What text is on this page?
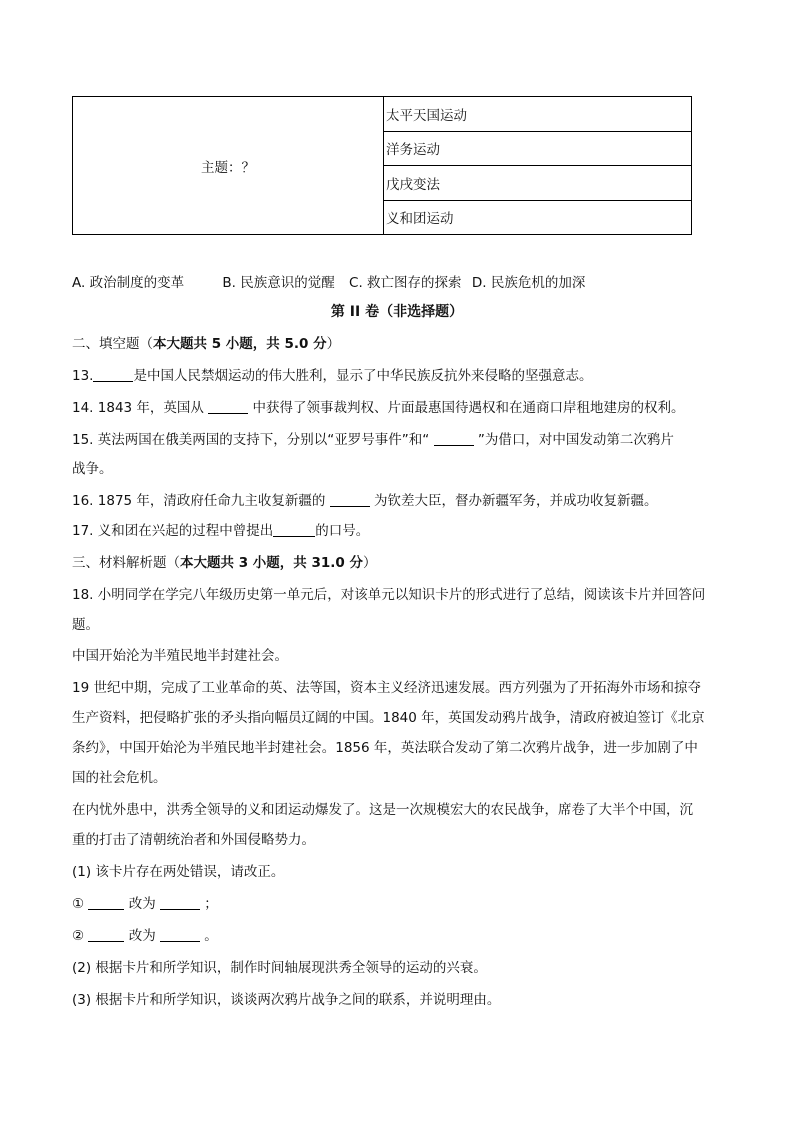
主题：？	太平天国运动
洋务运动
戊戌变法
义和团运动
A. 政治制度的变革	B. 民族意识的觉醒 C. 救亡图存的探索 D. 民族危机的加深
第 II 卷（非选择题）
二、填空题（本大题共 5 小题，共 5.0 分）
13.	是中国人民禁烟运动的伟大胜利，显示了中华民族反抗外来侵略的坚强意志。
14. 1843 年，英国从	中获得了领事裁判权、片面最惠国待遇权和在通商口岸租地建房的权利。
15. 英法两国在俄美两国的支持下，分别以“亚罗号事件”和“	”为借口，对中国发动第二次鸦片
战争。
16. 1875 年，清政府任命九主收复新疆的	为钦差大臣，督办新疆军务，并成功收复新疆。
17. 义和团在兴起的过程中曾提出	的口号。
三、材料解析题（本大题共 3 小题，共 31.0 分）
18. 小明同学在学完八年级历史第一单元后，对该单元以知识卡片的形式进行了总结，阅读该卡片并回答问
题。
中国开始沦为半殖民地半封建社会。
19 世纪中期，完成了工业革命的英、法等国，资本主义经济迅速发展。西方列强为了开拓海外市场和掠夺
生产资料，把侵略扩张的矛头指向幅员辽阔的中国。1840 年，英国发动鸦片战争，清政府被迫签订《北京
条约》，中国开始沦为半殖民地半封建社会。1856 年，英法联合发动了第二次鸦片战争，进一步加剧了中
国的社会危机。
在内忧外患中，洪秀全领导的义和团运动爆发了。这是一次规模宏大的农民战争，席卷了大半个中国，沉
重的打击了清朝统治者和外国侵略势力。
(1) 该卡片存在两处错误，请改正。
①	改为	；
②	改为	。
(2) 根据卡片和所学知识，制作时间轴展现洪秀全领导的运动的兴衰。
(3) 根据卡片和所学知识，谈谈两次鸦片战争之间的联系，并说明理由。
